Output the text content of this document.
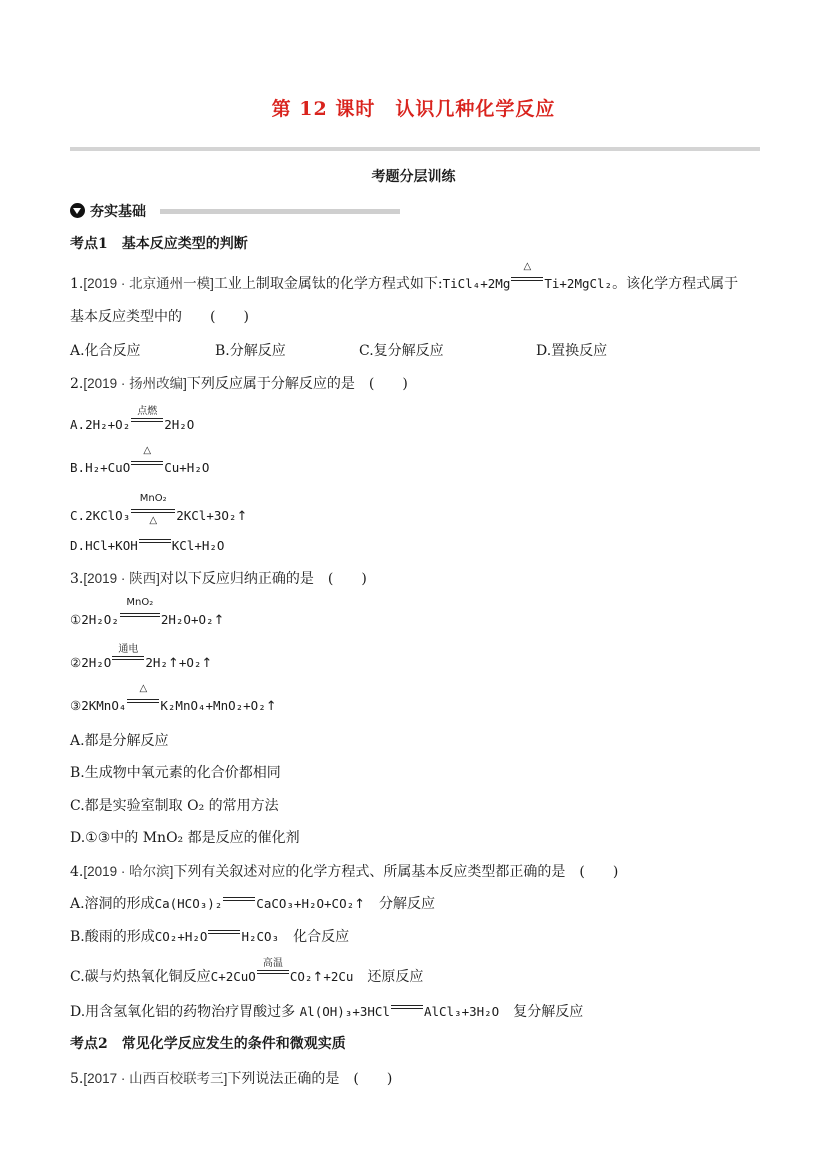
第 12 课时　认识几种化学反应
考题分层训练
夯实基础
考点1　基本反应类型的判断
1.[2019 · 北京通州一模]工业上制取金属钛的化学方程式如下:TiCl₄+2Mg
△
Ti+2MgCl₂。该化学方程式属于
基本反应类型中的　　(　　)
A.化合反应	B.分解反应	C.复分解反应	D.置换反应
2.[2019 · 扬州改编]下列反应属于分解反应的是　(　　)
A.2H₂+O₂
点燃
2H₂O
B.H₂+CuO
△
Cu+H₂O
C.2KClO₃
MnO₂
△	2KCl+3O₂↑
D.HCl+KOH	KCl+H₂O
3.[2019 · 陕西]对以下反应归纳正确的是　(　　)
①2H₂O₂
MnO₂
2H₂O+O₂↑
②2H₂O
通电
2H₂↑+O₂↑
③2KMnO₄
△
K₂MnO₄+MnO₂+O₂↑
A.都是分解反应
B.生成物中氧元素的化合价都相同
C.都是实验室制取 O₂ 的常用方法
D.①③中的 MnO₂ 都是反应的催化剂
4.[2019 · 哈尔滨]下列有关叙述对应的化学方程式、所属基本反应类型都正确的是　(　　)
A.溶洞的形成Ca(HCO₃)₂	CaCO₃+H₂O+CO₂↑　 分解反应
B.酸雨的形成CO₂+H₂O	H₂CO₃　 化合反应
C.碳与灼热氧化铜反应C+2CuO
高温
CO₂↑+2Cu　 还原反应
D.用含氢氧化铝的药物治疗胃酸过多 Al(OH)₃+3HCl	AlCl₃+3H₂O　 复分解反应
考点2　常见化学反应发生的条件和微观实质
5.[2017 · 山西百校联考三]下列说法正确的是　(　　)
